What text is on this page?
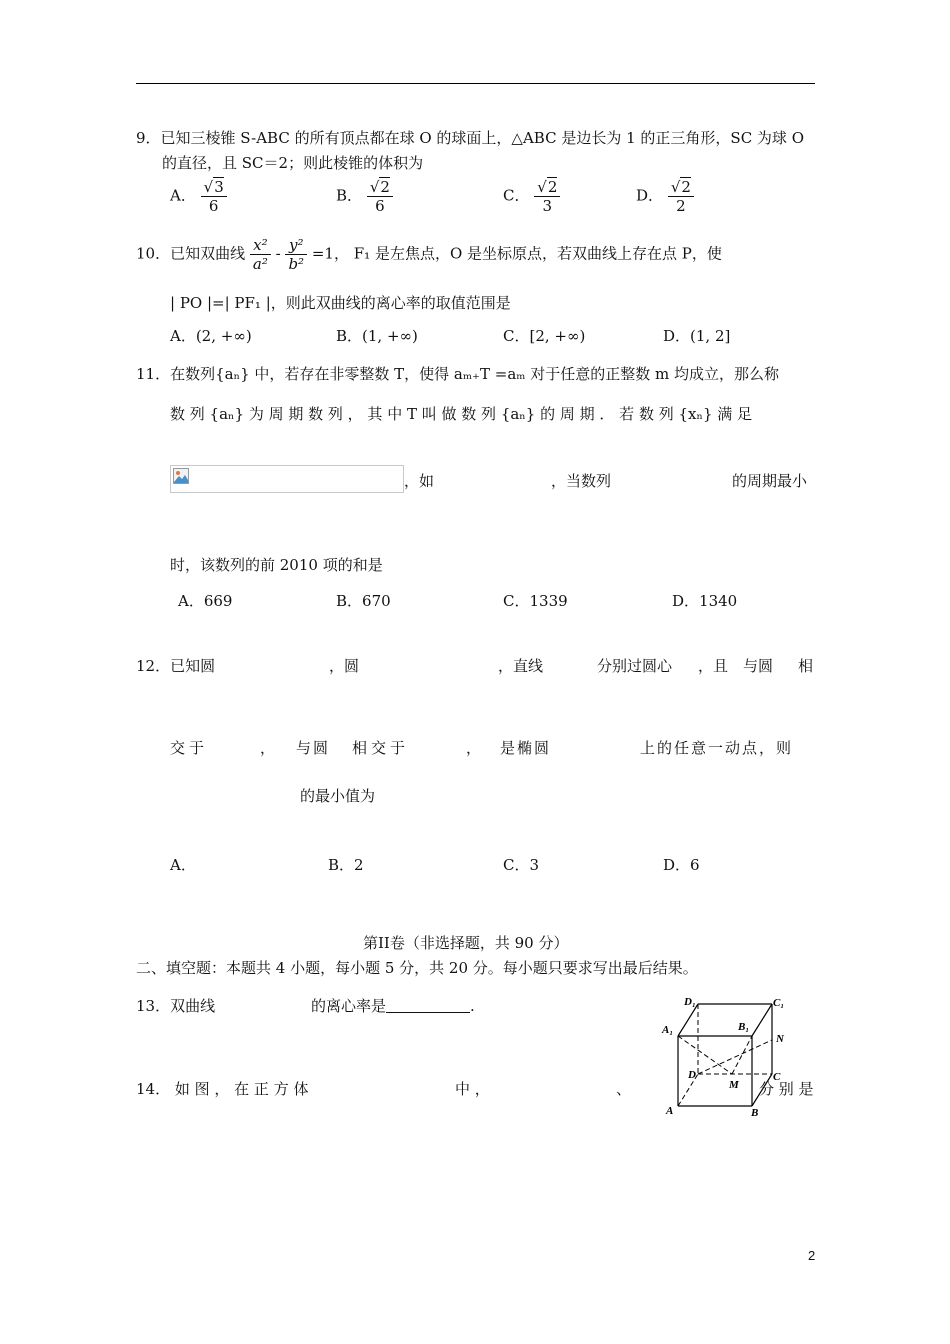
9．已知三棱锥 S-ABC 的所有顶点都在球 O 的球面上，△ABC 是边长为 1 的正三角形，SC 为球 O
的直径，且 SC＝2；则此棱锥的体积为
A． $\frac{√3}{6}$	B． $\frac{√2}{6}$	C． $\frac{√2}{3}$	D． $\frac{√2}{2}$
10．已知双曲线 $\frac{\text{x²}}{\text{a²}} - \frac{\text{y²}}{\text{b²}} =1$， F₁ 是左焦点，O 是坐标原点，若双曲线上存在点 P，使
| PO |=| PF₁ |，则此双曲线的离心率的取值范围是
A．(2, +∞)	B．(1, +∞)	C．[2, +∞)	D．(1, 2]
11．在数列{aₙ} 中，若存在非零整数 T，使得 aₘ₊T =aₘ 对于任意的正整数 m 均成立，那么称
数 列 {aₙ} 为 周 期 数 列 ， 其 中 T 叫 做 数 列 {aₙ} 的 周 期 ． 若 数 列 {xₙ} 满 足
，如	，当数列	的周期最小
时，该数列的前 2010 项的和是
A．669	B．670	C．1339	D．1340
12．已知圆	，圆	，直线	分别过圆心 ，且 与圆 相
交于	， 与圆 相交于	， 是椭圆	上的任意一动点，则
的最小值为
A．	B．2	C．3	D．6
第II卷（非选择题，共 90 分）
二、填空题：本题共 4 小题，每小题 5 分，共 20 分。每小题只要求写出最后结果。
13．双曲线	的离心率是	.
14． 如 图 ， 在 正 方 体	中 ，	、	分 别 是
D₁	C₁
A₁	B₁
N
D	C
M
A	B
2
